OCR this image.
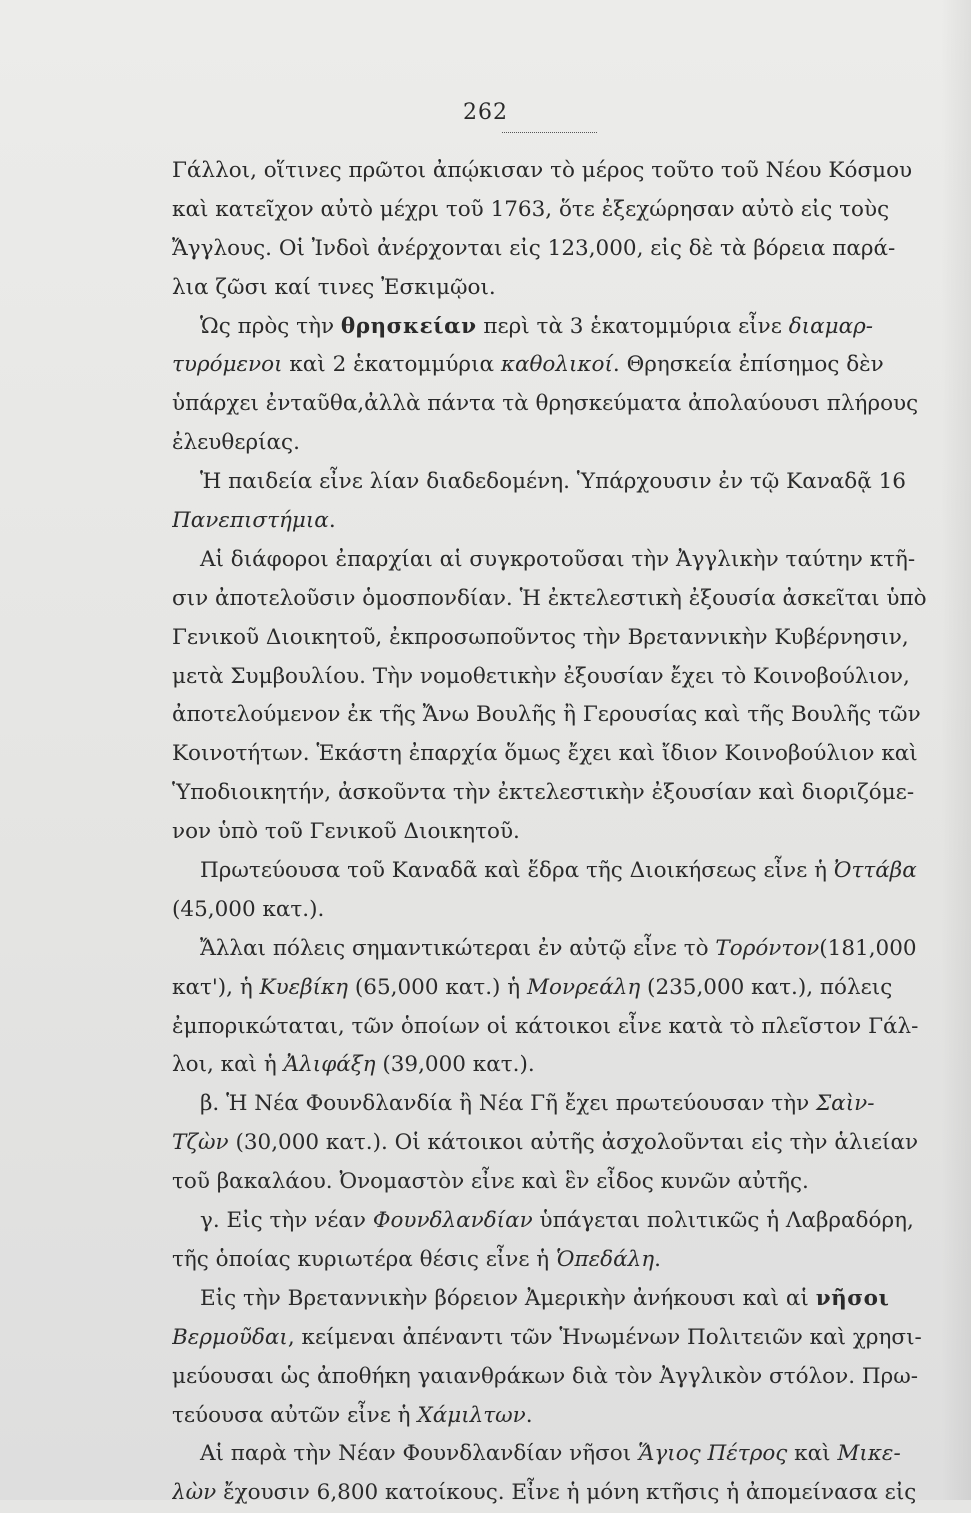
262
Γάλλοι, οἵτινες πρῶτοι ἀπῴκισαν τὸ μέρος τοῦτο τοῦ Νέου Κόσμου
καὶ κατεῖχον αὐτὸ μέχρι τοῦ 1763, ὅτε ἐξεχώρησαν αὐτὸ εἰς τοὺς
Ἄγγλους. Οἱ Ἰνδοὶ ἀνέρχονται εἰς 123,000, εἰς δὲ τὰ βόρεια παρά-
λια ζῶσι καί τινες Ἐσκιμῷοι.
Ὡς πρὸς τὴν θρησκείαν περὶ τὰ 3 ἑκατομμύρια εἶνε διαμαρ-
τυρόμενοι καὶ 2 ἑκατομμύρια καθολικοί. Θρησκεία ἐπίσημος δὲν
ὑπάρχει ἐνταῦθα,ἀλλὰ πάντα τὰ θρησκεύματα ἀπολαύουσι πλήρους
ἐλευθερίας.
Ἡ παιδεία εἶνε λίαν διαδεδομένη. Ὑπάρχουσιν ἐν τῷ Καναδᾷ 16
Πανεπιστήμια.
Αἱ διάφοροι ἐπαρχίαι αἱ συγκροτοῦσαι τὴν Ἀγγλικὴν ταύτην κτῆ-
σιν ἀποτελοῦσιν ὁμοσπονδίαν. Ἡ ἐκτελεστικὴ ἐξουσία ἀσκεῖται ὑπὸ
Γενικοῦ Διοικητοῦ, ἐκπροσωποῦντος τὴν Βρεταννικὴν Κυβέρνησιν,
μετὰ Συμβουλίου. Τὴν νομοθετικὴν ἐξουσίαν ἔχει τὸ Κοινοβούλιον,
ἀποτελούμενον ἐκ τῆς Ἄνω Βουλῆς ἢ Γερουσίας καὶ τῆς Βουλῆς τῶν
Κοινοτήτων. Ἑκάστη ἐπαρχία ὅμως ἔχει καὶ ἴδιον Κοινοβούλιον καὶ
Ὑποδιοικητήν, ἀσκοῦντα τὴν ἐκτελεστικὴν ἐξουσίαν καὶ διοριζόμε-
νον ὑπὸ τοῦ Γενικοῦ Διοικητοῦ.
Πρωτεύουσα τοῦ Καναδᾶ καὶ ἕδρα τῆς Διοικήσεως εἶνε ἡ Ὀττάβα
(45,000 κατ.).
Ἄλλαι πόλεις σημαντικώτεραι ἐν αὐτῷ εἶνε τὸ Τορόντον(181,000
κατ'), ἡ Κυεβίκη (65,000 κατ.) ἡ Μονρεάλη (235,000 κατ.), πόλεις
ἐμπορικώταται, τῶν ὁποίων οἱ κάτοικοι εἶνε κατὰ τὸ πλεῖστον Γάλ-
λοι, καὶ ἡ Ἀλιφάξη (39,000 κατ.).
β. Ἡ Νέα Φουνδλανδία ἢ Νέα Γῆ ἔχει πρωτεύουσαν τὴν Σαὶν-
Τζὼν (30,000 κατ.). Οἱ κάτοικοι αὐτῆς ἀσχολοῦνται εἰς τὴν ἁλιείαν
τοῦ βακαλάου. Ὀνομαστὸν εἶνε καὶ ἓν εἶδος κυνῶν αὐτῆς.
γ. Εἰς τὴν νέαν Φουνδλανδίαν ὑπάγεται πολιτικῶς ἡ Λαβραδόρη,
τῆς ὁποίας κυριωτέρα θέσις εἶνε ἡ Ὁπεδάλη.
Εἰς τὴν Βρεταννικὴν βόρειον Ἀμερικὴν ἀνήκουσι καὶ αἱ νῆσοι
Βερμοῦδαι, κείμεναι ἀπέναντι τῶν Ἡνωμένων Πολιτειῶν καὶ χρησι-
μεύουσαι ὡς ἀποθήκη γαιανθράκων διὰ τὸν Ἀγγλικὸν στόλον. Πρω-
τεύουσα αὐτῶν εἶνε ἡ Χάμιλτων.
Αἱ παρὰ τὴν Νέαν Φουνδλανδίαν νῆσοι Ἅγιος Πέτρος καὶ Μικε-
λὼν ἔχουσιν 6,800 κατοίκους. Εἶνε ἡ μόνη κτῆσις ἡ ἀπομείνασα εἰς
